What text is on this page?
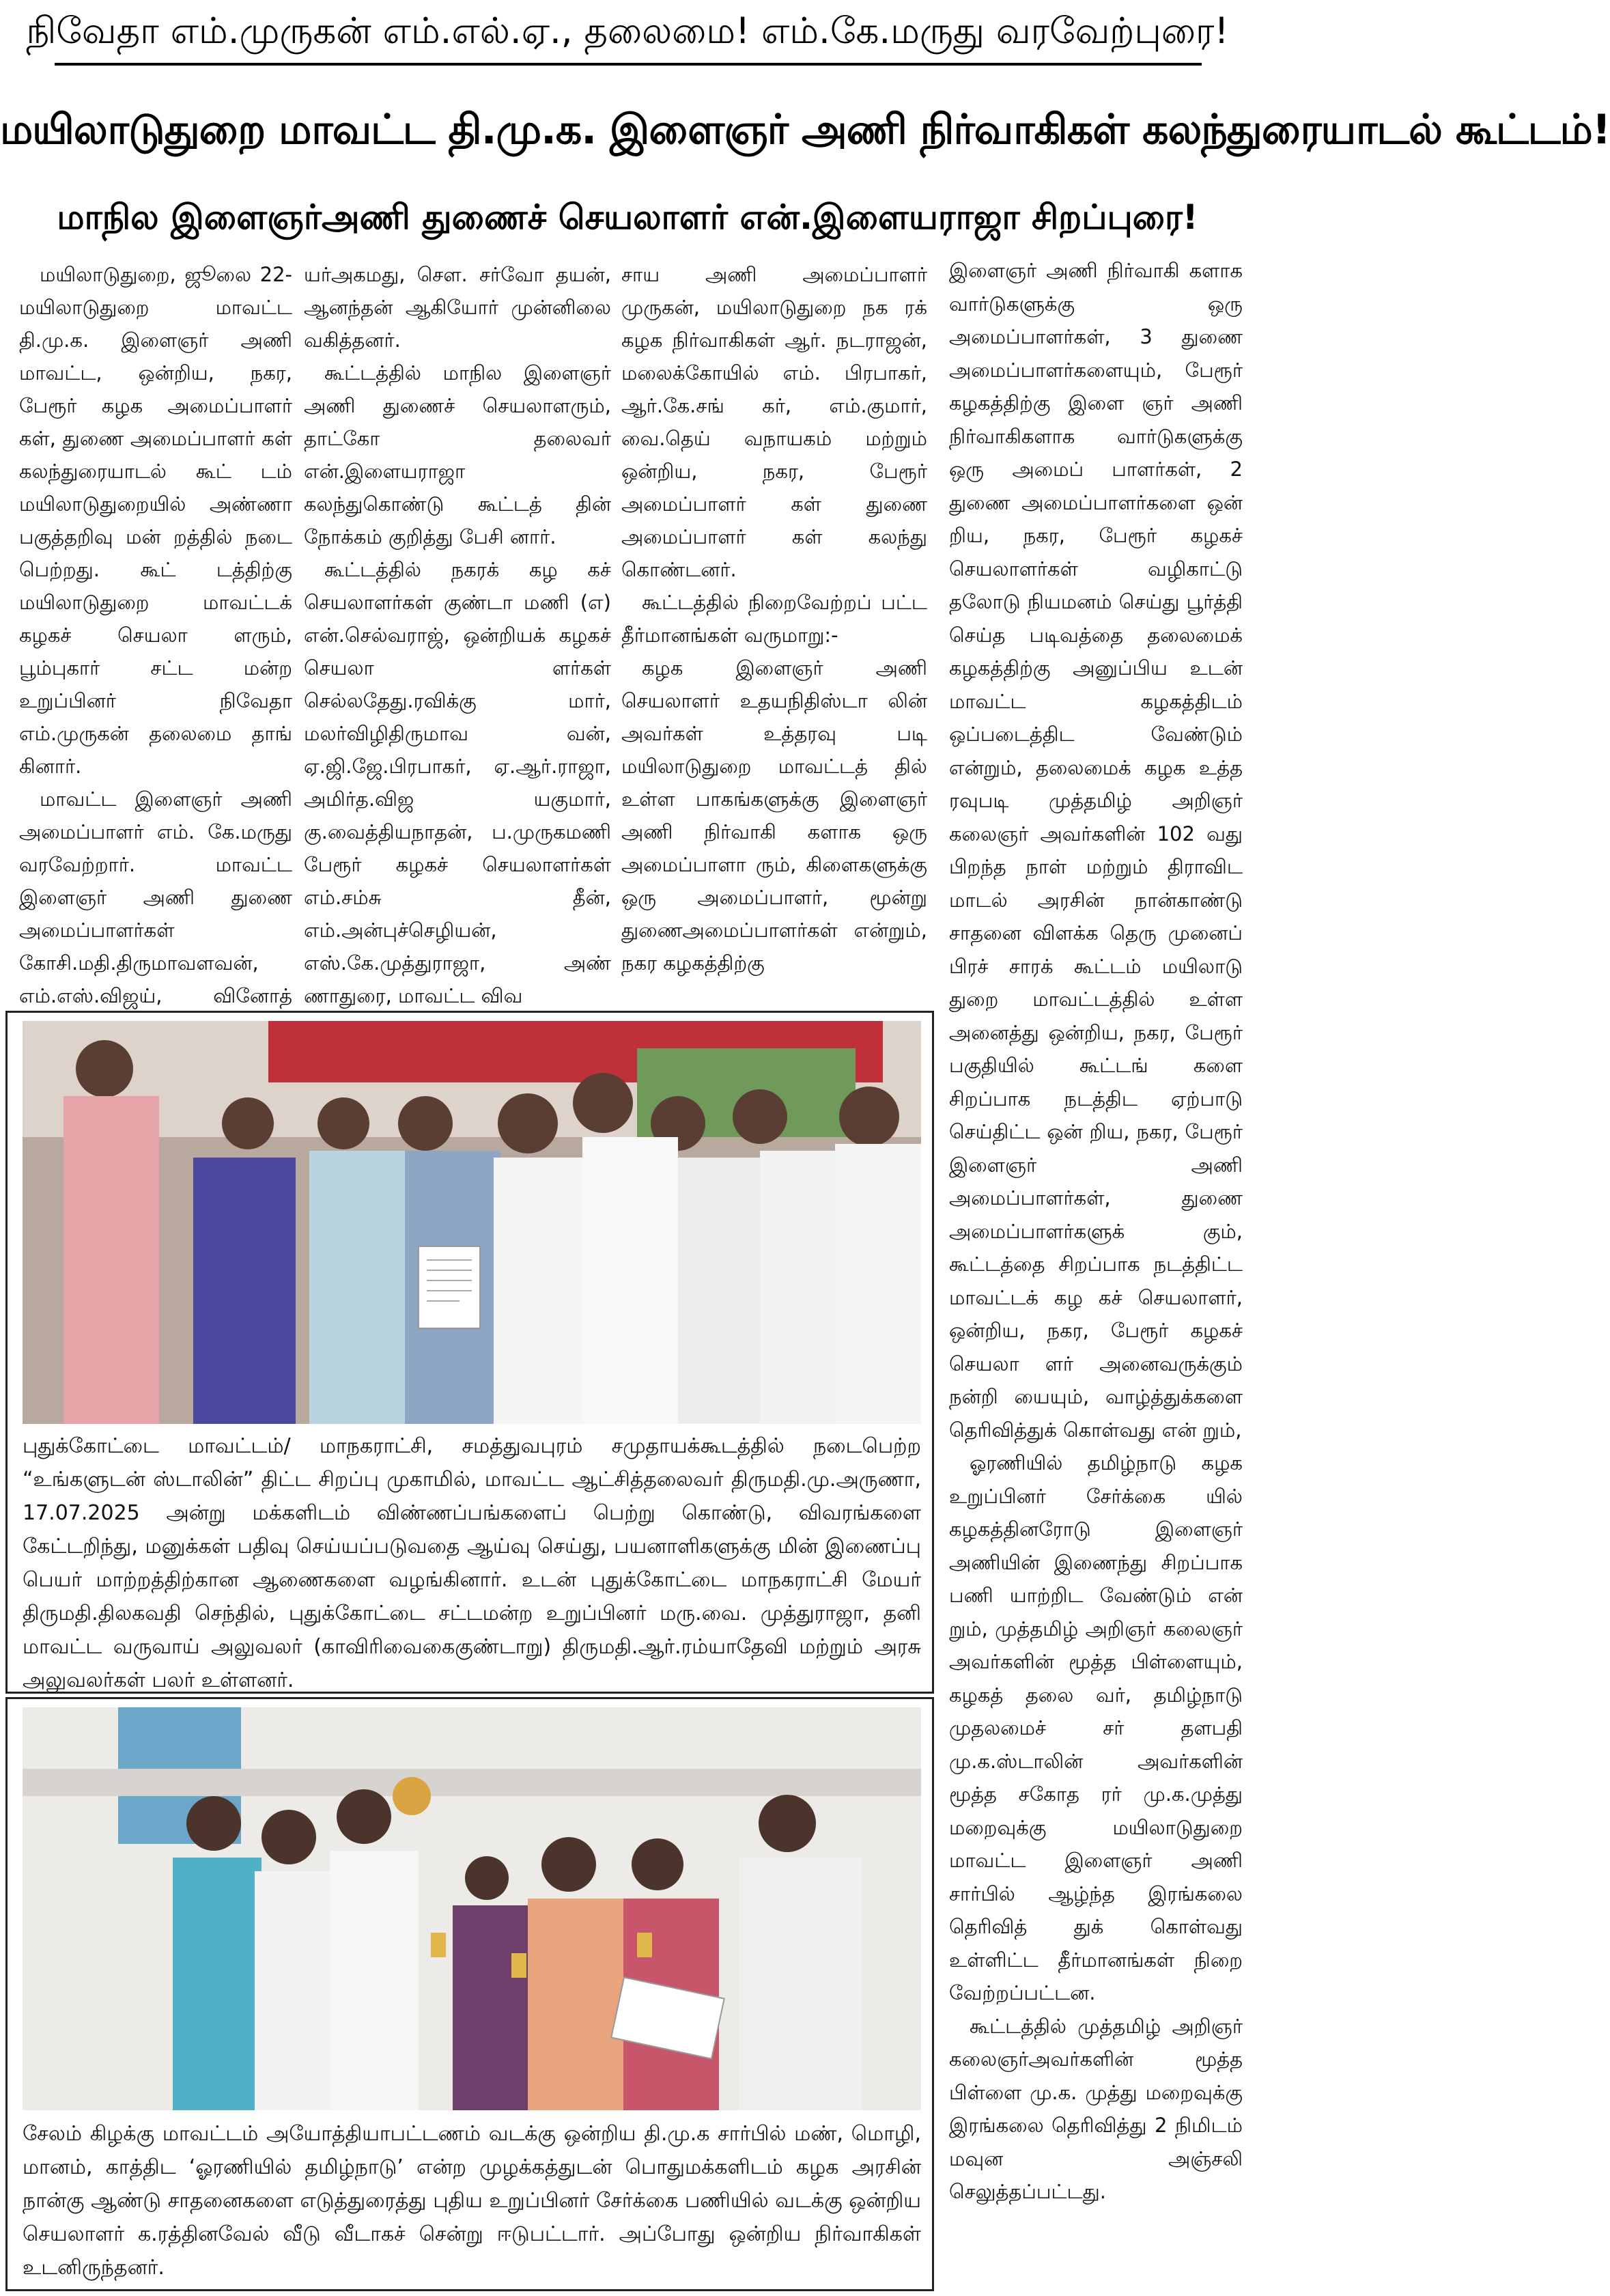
நிவேதா எம்.முருகன் எம்.எல்.ஏ., தலைமை! எம்.கே.மருது வரவேற்புரை!
மயிலாடுதுறை மாவட்ட தி.மு.க. இளைஞர் அணி நிர்வாகிகள் கலந்துரையாடல் கூட்டம்!
மாநில இளைஞர்அணி துணைச் செயலாளர் என்.இளையராஜா சிறப்புரை!

மயிலாடுதுறை, ஜூலை 22- மயிலாடுதுறை மாவட்ட தி.மு.க. இளைஞர் அணி மாவட்ட, ஒன்றிய, நகர, பேரூர் கழக அமைப்பாளர் கள், துணை அமைப்பாளர் கள் கலந்துரையாடல் கூட் டம் மயிலாடுதுறையில் அண்ணா பகுத்தறிவு மன் றத்தில் நடை பெற்றது. கூட் டத்திற்கு மயிலாடுதுறை மாவட்டக் கழகச் செயலா ளரும், பூம்புகார் சட்ட மன்ற உறுப்பினர் நிவேதா எம்.முருகன் தலைமை தாங் கினார்.

மாவட்ட இளைஞர் அணி அமைப்பாளர் எம். கே.மருது வரவேற்றார். மாவட்ட இளைஞர் அணி துணை அமைப்பாளர்கள் கோசி.மதி.திருமாவளவன், எம்.எஸ்.விஜய், வினோத்

யர்அகமது, செள. சர்வோ தயன், ஆனந்தன் ஆகியோர் முன்னிலை வகித்தனர்.

கூட்டத்தில் மாநில இளைஞர் அணி துணைச் செயலாளரும், தாட்கோ தலைவர் என்.இளையராஜா கலந்துகொண்டு கூட்டத் தின் நோக்கம் குறித்து பேசி னார்.

கூட்டத்தில் நகரக் கழ கச் செயலாளர்கள் குண்டா மணி (எ) என்.செல்வராஜ், ஒன்றியக் கழகச் செயலா ளர்கள் செல்லதேது.ரவிக்கு மார், மலர்விழிதிருமாவ வன், ஏ.ஜி.ஜே.பிரபாகர், ஏ.ஆர்.ராஜா, அமிர்த.விஜ யகுமார், கு.வைத்தியநாதன், ப.முருகமணி பேரூர் கழகச் செயலாளர்கள் எம்.சம்சு தீன், எம்.அன்புச்செழியன், எஸ்.கே.முத்துராஜா, அண் ணாதுரை, மாவட்ட விவ

சாய அணி அமைப்பாளர் முருகன், மயிலாடுதுறை நக ரக் கழக நிர்வாகிகள் ஆர். நடராஜன், மலைக்கோயில் எம். பிரபாகர், ஆர்.கே.சங் கர், எம்.குமார், வை.தெய் வநாயகம் மற்றும் ஒன்றிய, நகர, பேரூர் அமைப்பாளர் கள் துணை அமைப்பாளர் கள் கலந்து கொண்டனர்.

கூட்டத்தில் நிறைவேற்றப் பட்ட தீர்மானங்கள் வருமாறு:-

கழக இளைஞர் அணி செயலாளர் உதயநிதிஸ்டா லின் அவர்கள் உத்தரவு படி மயிலாடுதுறை மாவட்டத் தில் உள்ள பாகங்களுக்கு இளைஞர் அணி நிர்வாகி களாக ஒரு அமைப்பாளா ரும், கிளைகளுக்கு ஒரு அமைப்பாளர், மூன்று துணைஅமைப்பாளர்கள் என்றும், நகர கழகத்திற்கு

இளைஞர் அணி நிர்வாகி களாக வார்டுகளுக்கு ஒரு அமைப்பாளர்கள், 3 துணை அமைப்பாளர்களையும், பேரூர் கழகத்திற்கு இளை ஞர் அணி நிர்வாகிகளாக வார்டுகளுக்கு ஒரு அமைப் பாளர்கள், 2 துணை அமைப்பாளர்களை ஒன் றிய, நகர, பேரூர் கழகச் செயலாளர்கள் வழிகாட்டு தலோடு நியமனம் செய்து பூர்த்தி செய்த படிவத்தை தலைமைக் கழகத்திற்கு அனுப்பிய உடன் மாவட்ட கழகத்திடம் ஒப்படைத்திட வேண்டும் என்றும், தலைமைக் கழக உத்த ரவுபடி முத்தமிழ் அறிஞர் கலைஞர் அவர்களின் 102 வது பிறந்த நாள் மற்றும் திராவிட மாடல் அரசின் நான்காண்டு சாதனை விளக்க தெரு முனைப் பிரச் சாரக் கூட்டம் மயிலாடு துறை மாவட்டத்தில் உள்ள அனைத்து ஒன்றிய, நகர, பேரூர் பகுதியில் கூட்டங் களை சிறப்பாக நடத்திட ஏற்பாடு செய்திட்ட ஒன் றிய, நகர, பேரூர் இளைஞர் அணி அமைப்பாளர்கள், துணை அமைப்பாளர்களுக் கும், கூட்டத்தை சிறப்பாக நடத்திட்ட மாவட்டக் கழ கச் செயலாளர், ஒன்றிய, நகர, பேரூர் கழகச் செயலா ளர் அனைவருக்கும் நன்றி யையும், வாழ்த்துக்களை தெரிவித்துக் கொள்வது என் றும்,

ஓரணியில் தமிழ்நாடு கழக உறுப்பினர் சேர்க்கை யில் கழகத்தினரோடு இளைஞர் அணியின் இணைந்து சிறப்பாக பணி யாற்றிட வேண்டும் என் றும், முத்தமிழ் அறிஞர் கலைஞர் அவர்களின் மூத்த பிள்ளையும், கழகத் தலை வர், தமிழ்நாடு முதலமைச் சர் தளபதி மு.க.ஸ்டாலின் அவர்களின் மூத்த சகோத ரர் மு.க.முத்து மறைவுக்கு மயிலாடுதுறை மாவட்ட இளைஞர் அணி சார்பில் ஆழ்ந்த இரங்கலை தெரிவித் துக் கொள்வது உள்ளிட்ட தீர்மானங்கள் நிறை வேற்றப்பட்டன.

கூட்டத்தில் முத்தமிழ் அறிஞர் கலைஞர்அவர்களின் மூத்த பிள்ளை மு.க. முத்து மறைவுக்கு இரங்கலை தெரிவித்து 2 நிமிடம் மவுன அஞ்சலி செலுத்தப்பட்டது.

புதுக்கோட்டை மாவட்டம்/ மாநகராட்சி, சமத்துவபுரம் சமுதாயக்கூடத்தில் நடைபெற்ற “உங்களுடன் ஸ்டாலின்” திட்ட சிறப்பு முகாமில், மாவட்ட ஆட்சித்தலைவர் திருமதி.மு.அருணா, 17.07.2025 அன்று மக்களிடம் விண்ணப்பங்களைப் பெற்று கொண்டு, விவரங்களை கேட்டறிந்து, மனுக்கள் பதிவு செய்யப்படுவதை ஆய்வு செய்து, பயனாளிகளுக்கு மின் இணைப்பு பெயர் மாற்றத்திற்கான ஆணைகளை வழங்கினார். உடன் புதுக்கோட்டை மாநகராட்சி மேயர் திருமதி.திலகவதி செந்தில், புதுக்கோட்டை சட்டமன்ற உறுப்பினர் மரு.வை. முத்துராஜா, தனி மாவட்ட வருவாய் அலுவலர் (காவிரிவைகைகுண்டாறு) திருமதி.ஆர்.ரம்யாதேவி மற்றும் அரசு அலுவலர்கள் பலர் உள்ளனர்.
சேலம் கிழக்கு மாவட்டம் அயோத்தியாபட்டணம் வடக்கு ஒன்றிய தி.மு.க சார்பில் மண், மொழி, மானம், காத்திட ‘ஓரணியில் தமிழ்நாடு’ என்ற முழக்கத்துடன் பொதுமக்களிடம் கழக அரசின் நான்கு ஆண்டு சாதனைகளை எடுத்துரைத்து புதிய உறுப்பினர் சேர்க்கை பணியில் வடக்கு ஒன்றிய செயலாளர் க.ரத்தினவேல் வீடு வீடாகச் சென்று ஈடுபட்டார். அப்போது ஒன்றிய நிர்வாகிகள் உடனிருந்தனர்.
